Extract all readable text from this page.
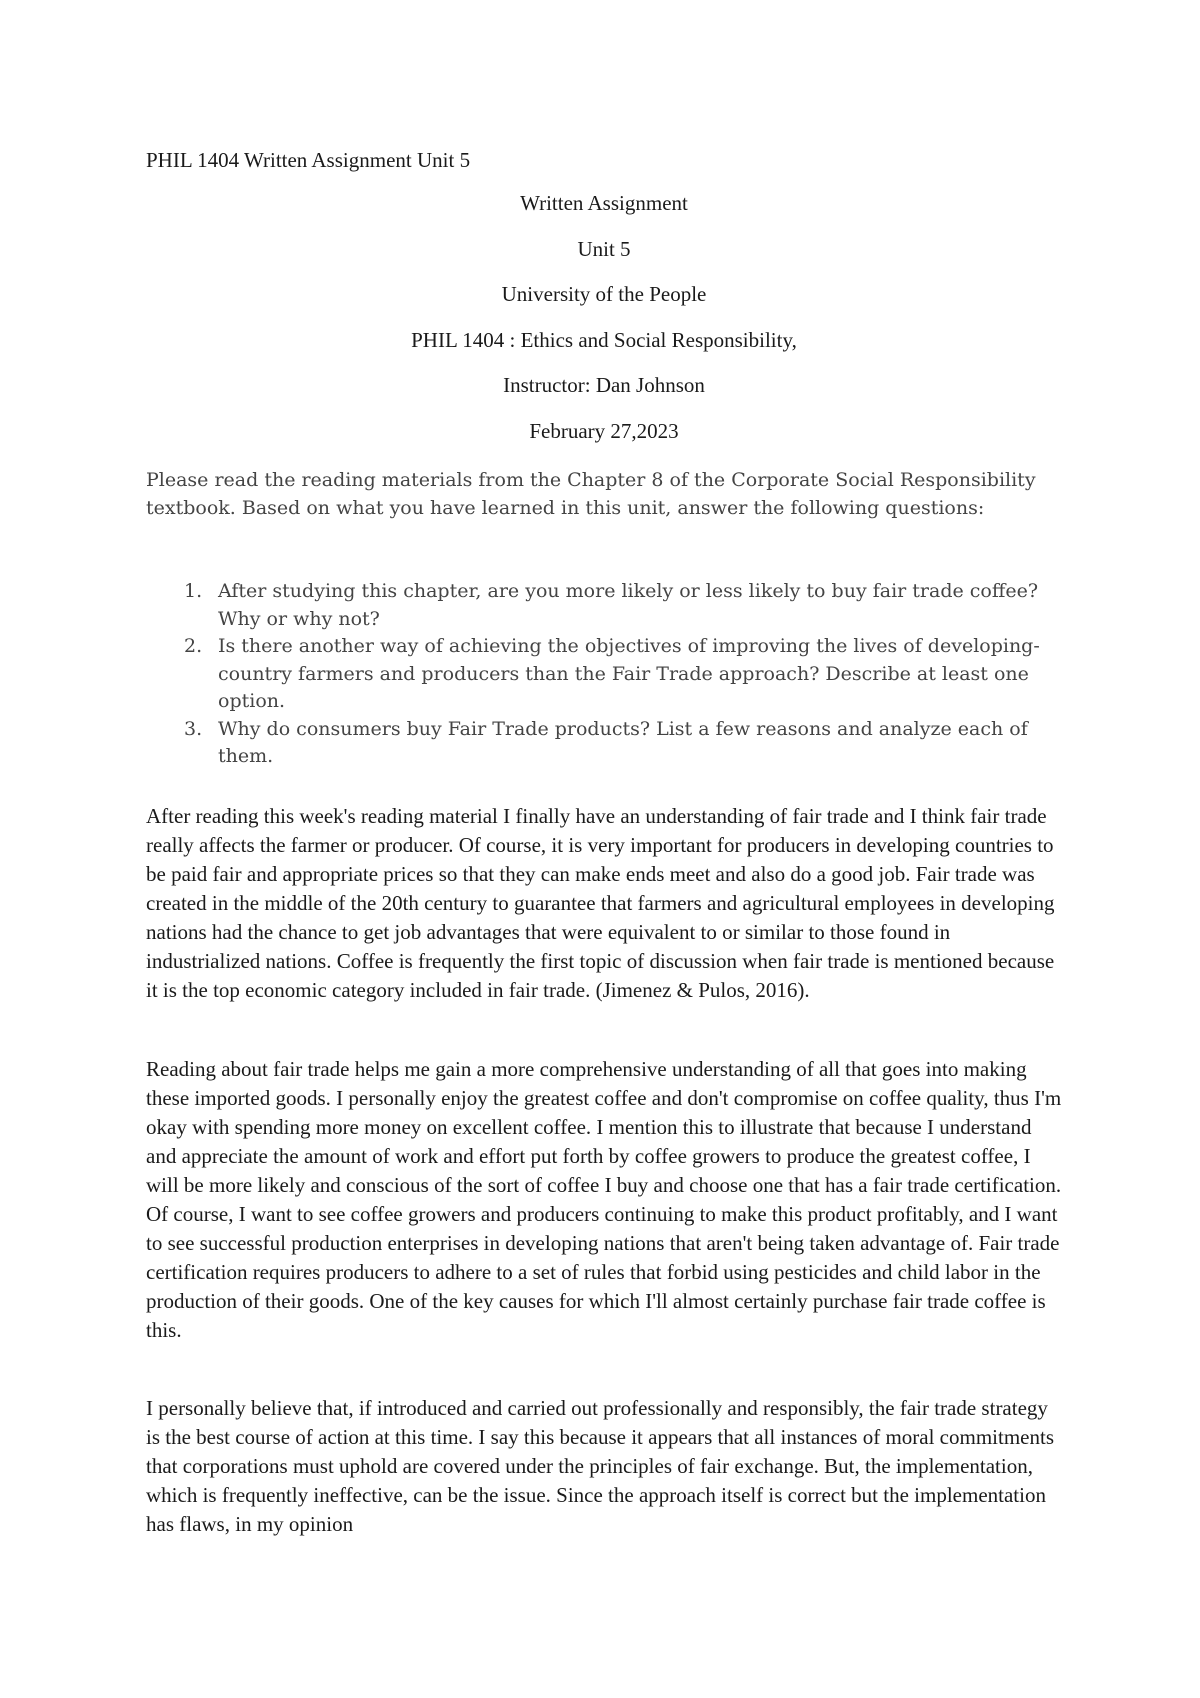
PHIL 1404 Written Assignment Unit 5
Written Assignment
Unit 5
University of the People
PHIL 1404 : Ethics and Social Responsibility,
Instructor: Dan Johnson
February 27,2023
Please read the reading materials from the Chapter 8 of the Corporate Social Responsibility textbook. Based on what you have learned in this unit, answer the following questions:
1. After studying this chapter, are you more likely or less likely to buy fair trade coffee? Why or why not?
2. Is there another way of achieving the objectives of improving the lives of developing-country farmers and producers than the Fair Trade approach? Describe at least one option.
3. Why do consumers buy Fair Trade products? List a few reasons and analyze each of them.

After reading this week's reading material I finally have an understanding of fair trade and I think fair trade really affects the farmer or producer. Of course, it is very important for producers in developing countries to be paid fair and appropriate prices so that they can make ends meet and also do a good job. Fair trade was created in the middle of the 20th century to guarantee that farmers and agricultural employees in developing nations had the chance to get job advantages that were equivalent to or similar to those found in industrialized nations. Coffee is frequently the first topic of discussion when fair trade is mentioned because it is the top economic category included in fair trade. (Jimenez & Pulos, 2016).

Reading about fair trade helps me gain a more comprehensive understanding of all that goes into making these imported goods. I personally enjoy the greatest coffee and don't compromise on coffee quality, thus I'm okay with spending more money on excellent coffee. I mention this to illustrate that because I understand and appreciate the amount of work and effort put forth by coffee growers to produce the greatest coffee, I will be more likely and conscious of the sort of coffee I buy and choose one that has a fair trade certification. Of course, I want to see coffee growers and producers continuing to make this product profitably, and I want to see successful production enterprises in developing nations that aren't being taken advantage of. Fair trade certification requires producers to adhere to a set of rules that forbid using pesticides and child labor in the production of their goods. One of the key causes for which I'll almost certainly purchase fair trade coffee is this.

I personally believe that, if introduced and carried out professionally and responsibly, the fair trade strategy is the best course of action at this time. I say this because it appears that all instances of moral commitments that corporations must uphold are covered under the principles of fair exchange. But, the implementation, which is frequently ineffective, can be the issue. Since the approach itself is correct but the implementation has flaws, in my opinion
